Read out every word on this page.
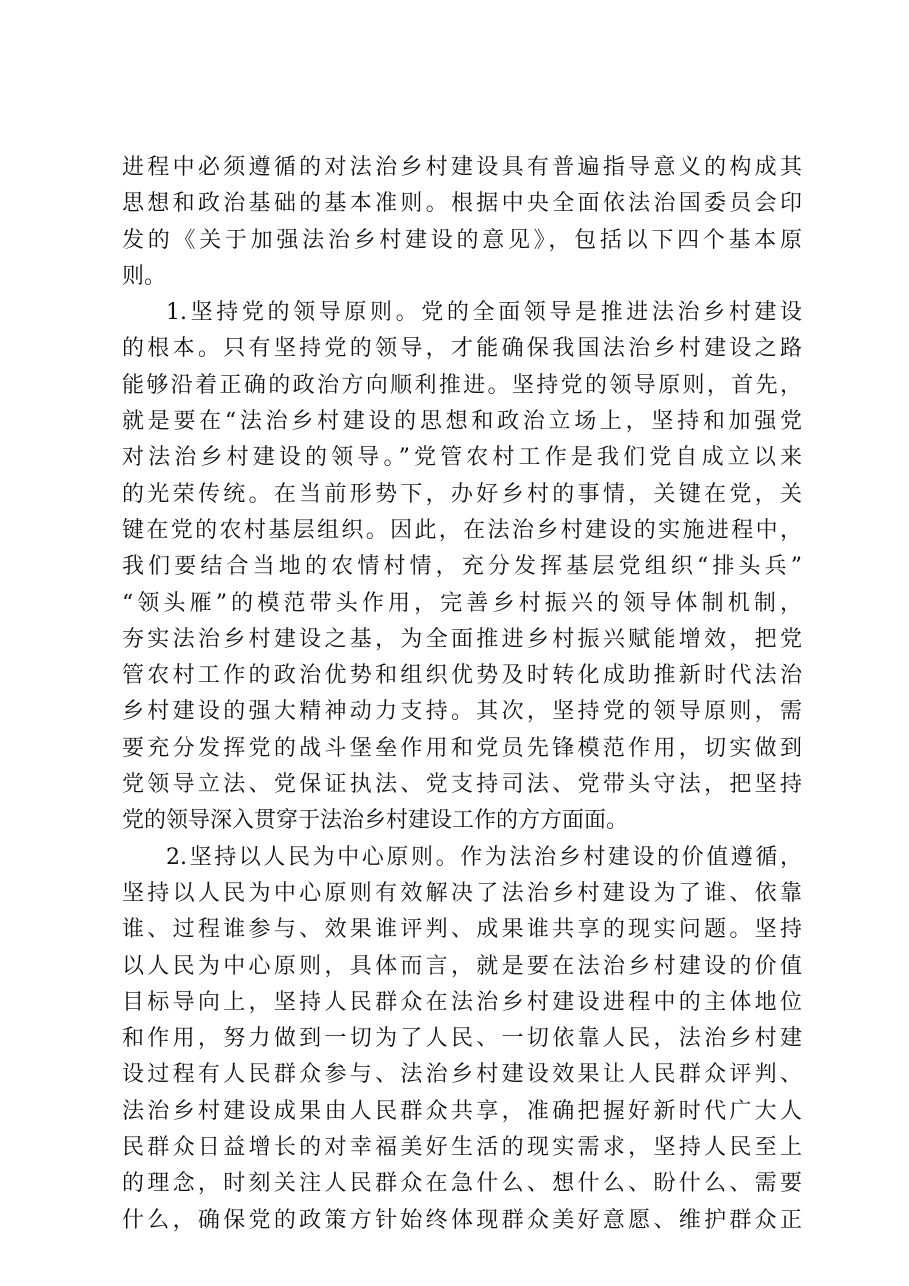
进程中必须遵循的对法治乡村建设具有普遍指导意义的构成其
思想和政治基础的基本准则。根据中央全面依法治国委员会印
发的《关于加强法治乡村建设的意见》，包括以下四个基本原
则。
1.坚持党的领导原则。党的全面领导是推进法治乡村建设
的根本。只有坚持党的领导，才能确保我国法治乡村建设之路
能够沿着正确的政治方向顺利推进。坚持党的领导原则，首先，
就是要在“法治乡村建设的思想和政治立场上，坚持和加强党
对法治乡村建设的领导。”党管农村工作是我们党自成立以来
的光荣传统。在当前形势下，办好乡村的事情，关键在党，关
键在党的农村基层组织。因此，在法治乡村建设的实施进程中，
我们要结合当地的农情村情，充分发挥基层党组织“排头兵”
“领头雁”的模范带头作用，完善乡村振兴的领导体制机制，
夯实法治乡村建设之基，为全面推进乡村振兴赋能增效，把党
管农村工作的政治优势和组织优势及时转化成助推新时代法治
乡村建设的强大精神动力支持。其次，坚持党的领导原则，需
要充分发挥党的战斗堡垒作用和党员先锋模范作用，切实做到
党领导立法、党保证执法、党支持司法、党带头守法，把坚持
党的领导深入贯穿于法治乡村建设工作的方方面面。
2.坚持以人民为中心原则。作为法治乡村建设的价值遵循，
坚持以人民为中心原则有效解决了法治乡村建设为了谁、依靠
谁、过程谁参与、效果谁评判、成果谁共享的现实问题。坚持
以人民为中心原则，具体而言，就是要在法治乡村建设的价值
目标导向上，坚持人民群众在法治乡村建设进程中的主体地位
和作用，努力做到一切为了人民、一切依靠人民，法治乡村建
设过程有人民群众参与、法治乡村建设效果让人民群众评判、
法治乡村建设成果由人民群众共享，准确把握好新时代广大人
民群众日益增长的对幸福美好生活的现实需求，坚持人民至上
的理念，时刻关注人民群众在急什么、想什么、盼什么、需要
什么，确保党的政策方针始终体现群众美好意愿、维护群众正
